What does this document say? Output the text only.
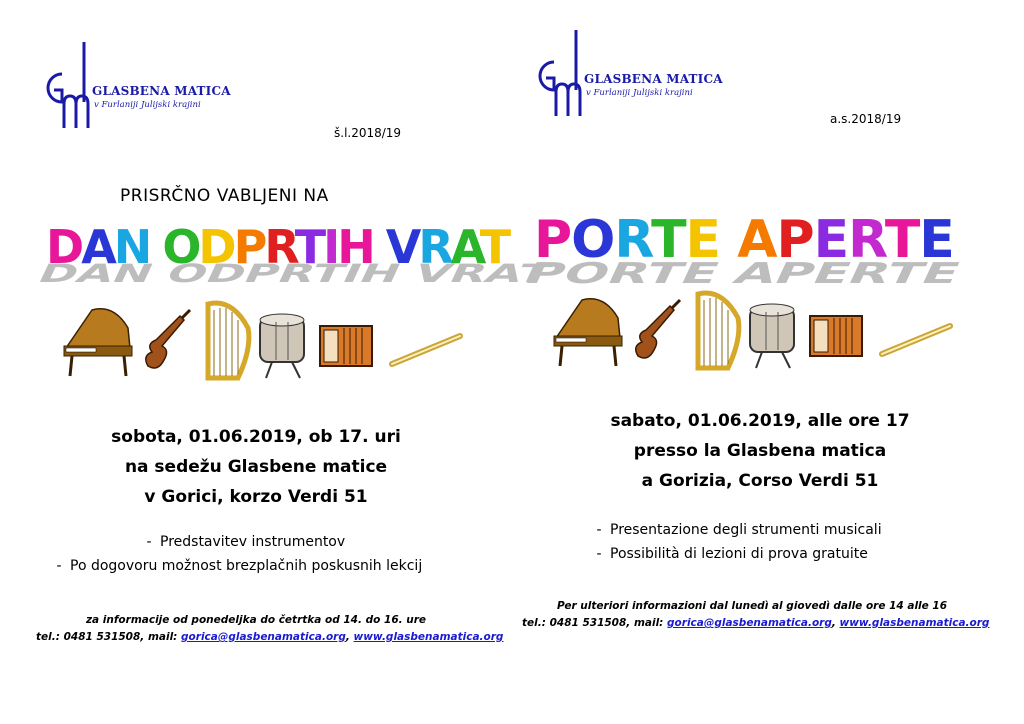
GLASBENA MATICA
v Furlaniji Julijski krajini
š.l.2018/19
PRISRČNO VABLJENI NA
DAN ODPRTIH VRAT
DAN ODPRTIH VRAT
sobota, 01.06.2019, ob 17. uri
na sedežu Glasbene matice
v Gorici, korzo Verdi 51
- Predstavitev instrumentov
- Po dogovoru možnost brezplačnih poskusnih lekcij
za informacije od ponedeljka do četrtka od 14. do 16. ure
tel.: 0481 531508, mail: gorica@glasbenamatica.org, www.glasbenamatica.org
GLASBENA MATICA
v Furlaniji Julijski krajini
a.s.2018/19
PORTE APERTE
PORTE APERTE
sabato, 01.06.2019, alle ore 17
presso la Glasbena matica
a Gorizia, Corso Verdi 51
- Presentazione degli strumenti musicali
- Possibilità di lezioni di prova gratuite
Per ulteriori informazioni dal lunedì al giovedì dalle ore 14 alle 16
tel.: 0481 531508, mail: gorica@glasbenamatica.org, www.glasbenamatica.org
